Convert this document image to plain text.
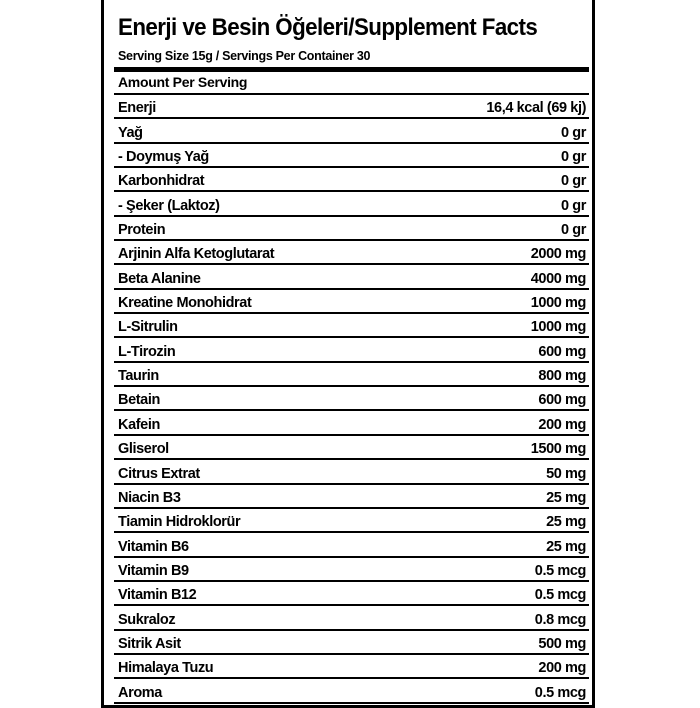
Enerji ve Besin Öğeleri/Supplement Facts
Serving Size 15g / Servings Per Container 30
Amount Per Serving
Enerji	16,4 kcal (69 kj)
Yağ	0 gr
- Doymuş Yağ	0 gr
Karbonhidrat	0 gr
- Şeker (Laktoz)	0 gr
Protein	0 gr
Arjinin Alfa Ketoglutarat	2000 mg
Beta Alanine	4000 mg
Kreatine Monohidrat	1000 mg
L-Sitrulin	1000 mg
L-Tirozin	600 mg
Taurin	800 mg
Betain	600 mg
Kafein	200 mg
Gliserol	1500 mg
Citrus Extrat	50 mg
Niacin B3	25 mg
Tiamin Hidroklorür	25 mg
Vitamin B6	25 mg
Vitamin B9	0.5 mcg
Vitamin B12	0.5 mcg
Sukraloz	0.8 mcg
Sitrik Asit	500 mg
Himalaya Tuzu	200 mg
Aroma	0.5 mcg
